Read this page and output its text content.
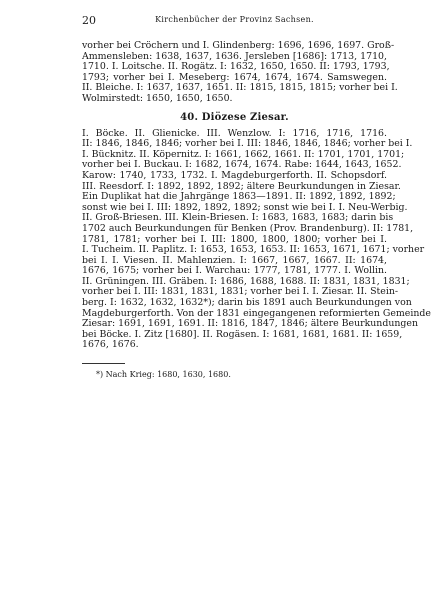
20	Kirchenbücher der Provinz Sachsen.
vorher bei Cröchern und I. Glindenberg: 1696, 1696, 1697. Groß-
Ammensleben: 1638, 1637, 1636. Jersleben [1686]: 1713, 1710,
1710. I. Loitsche. II. Rogätz. I: 1632, 1650, 1650. II: 1793, 1793,
1793; vorher bei I. Meseberg: 1674, 1674, 1674. Samswegen.
II. Bleiche. I: 1637, 1637, 1651. II: 1815, 1815, 1815; vorher bei I.
Wolmirstedt: 1650, 1650, 1650.
40. Diözese Ziesar.
I. Böcke. II. Glienicke. III. Wenzlow. I: 1716, 1716, 1716.
II: 1846, 1846, 1846; vorher bei I. III: 1846, 1846, 1846; vorher bei I.
I. Bücknitz. II. Köpernitz. I: 1661, 1662, 1661. II: 1701, 1701, 1701;
vorher bei I. Buckau. I: 1682, 1674, 1674. Rabe: 1644, 1643, 1652.
Karow: 1740, 1733, 1732. I. Magdeburgerforth. II. Schopsdorf.
III. Reesdorf. I: 1892, 1892, 1892; ältere Beurkundungen in Ziesar.
Ein Duplikat hat die Jahrgänge 1863—1891. II: 1892, 1892, 1892;
sonst wie bei I. III: 1892, 1892, 1892; sonst wie bei I. I. Neu-Werbig.
II. Groß-Briesen. III. Klein-Briesen. I: 1683, 1683, 1683; darin bis
1702 auch Beurkundungen für Benken (Prov. Brandenburg). II: 1781,
1781, 1781; vorher bei I. III: 1800, 1800, 1800; vorher bei I.
I. Tucheim. II. Paplitz. I: 1653, 1653, 1653. II: 1653, 1671, 1671; vorher
bei I. I. Viesen. II. Mahlenzien. I: 1667, 1667, 1667. II: 1674,
1676, 1675; vorher bei I. Warchau: 1777, 1781, 1777. I. Wollin.
II. Grüningen. III. Gräben. I: 1686, 1688, 1688. II: 1831, 1831, 1831;
vorher bei I. III: 1831, 1831, 1831; vorher bei I. I. Ziesar. II. Stein-
berg. I: 1632, 1632, 1632*); darin bis 1891 auch Beurkundungen von
Magdeburgerforth. Von der 1831 eingegangenen reformierten Gemeinde
Ziesar: 1691, 1691, 1691. II: 1816, 1847, 1846; ältere Beurkundungen
bei Böcke. I. Zitz [1680]. II. Rogäsen. I: 1681, 1681, 1681. II: 1659,
1676, 1676.
*) Nach Krieg: 1680, 1630, 1680.
